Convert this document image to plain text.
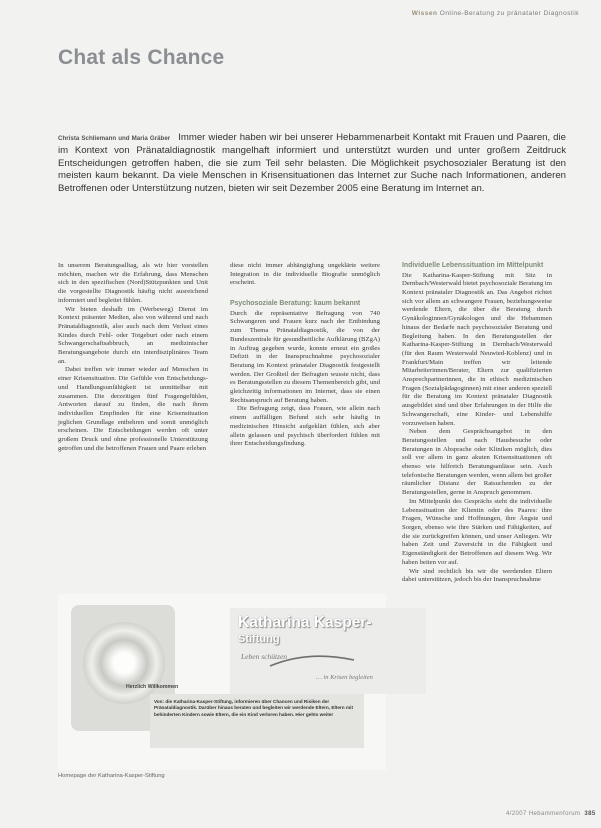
Wissen Online-Beratung zu pränataler Diagnostik
Chat als Chance

Christa Schliemann und Maria Gräber Immer wieder haben wir bei unserer Hebammenarbeit Kontakt mit Frauen und Paaren, die im Kontext von Pränataldiagnostik mangelhaft informiert und unterstützt wurden und unter großem Zeitdruck Entscheidungen getroffen haben, die sie zum Teil sehr belasten. Die Möglichkeit psychosozialer Beratung ist den meisten kaum bekannt. Da viele Menschen in Krisensituationen das Internet zur Suche nach Informationen, anderen Betroffenen oder Unterstützung nutzen, bieten wir seit Dezember 2005 eine Beratung im Internet an.

In unserem Beratungsalltag, als wir hier vorstellen möchten, machen wir die Erfahrung, dass Menschen sich in den spezifischen (Nord)Stützpunkten und Unit die vorgestellte Diagnostik häufig nicht ausreichend informiert und begleitet fühlen.

Wir bieten deshalb im (Werbeweg) Dienst im Kontext präsenter Medien, also von während und nach Pränataldiagnostik, also auch nach dem Verlust eines Kindes durch Fehl- oder Totgeburt oder nach einem Schwangerschaftsabbruch, an medizinischer Beratungsangebote durch ein interdisziplinäres Team an.

Dabei treffen wir immer wieder auf Menschen in einer Krisensituation. Die Gefühle von Entscheidungs- und Handlungsunfähigkeit ist unmittelbar mit zusammen. Die derzeitigen fünf Fragengefühlen, Antworten darauf zu finden, die nach ihrem individuellen Empfinden für eine Krisensituation jeglichen Grundlage entbehren und somit unmöglich erscheinen. Die Entscheidungen werden oft unter großem Druck und ohne professionelle Unterstützung getroffen und die betroffenen Frauen und Paare erleben

diese nicht immer abhängigfung ungeklärte weitere Integration in die individuelle Biografie unmöglich erscheint.

Psychosoziale Beratung: kaum bekannt

Durch die repräsentative Befragung von 740 Schwangeren und Frauen kurz nach der Entbindung zum Thema Pränataldiagnostik, die von der Bundeszentrale für gesundheitliche Aufklärung (BZgA) in Auftrag gegeben wurde, konnte erneut ein großes Defizit in der Inanspruchnahme psychosozialer Beratung im Kontext pränataler Diagnostik festgestellt werden. Der Großteil der Befragten wusste nicht, dass es Beratungsstellen zu diesem Themenbereich gibt, und gleichzeitig informationen im Internet, dass sie einen Rechtsanspruch auf Beratung haben.

Die Befragung zeigt, dass Frauen, wie allein nach einem auffälligen Befund sich sehr häufig in medizinischen Hinsicht aufgeklärt fühlen, sich aber allein gelassen und psychisch überfordert fühlen mit ihrer Entscheidungsfindung.

Individuelle Lebenssituation im Mittelpunkt

Die Katharina-Kasper-Stiftung mit Sitz in Dernbach/Westerwald bietet psychosoziale Beratung im Kontext pränataler Diagnostik an. Das Angebot richtet sich vor allem an schwangere Frauen, beziehungsweise werdende Eltern, die über die Beratung durch Gynäkologinnen/Gynäkologen und die Hebammen hinaus der Bedarfe nach psychosozialer Beratung und Begleitung haben. In den Beratungsstellen der Katharina-Kasper-Stiftung in Dernbach/Westerwald (für den Raum Westerwald Neuwied-Koblenz) und in Frankfurt/Main treffen wir leitende Mitarbeiterinnen/Berater, Eltern zur qualifizierten Ansprechpartnerinnen, die in ethisch medizinischen Fragen (Sozialpädagoginnen) mit einer anderen speziell für die Beratung im Kontext pränataler Diagnostik ausgebildet sind und über Erfahrungen in der Hilfe die Schwangerschaft, eine Kinder- und Lebenshilfe vorzuweisen haben.

Neben dem Gesprächsangebot in den Beratungsstellen und nach Hausbesuche oder Beratungen in Absprache oder Kliniken möglich, dies soll vor allem in ganz akuten Krisensituationen oft ebenso wie hilfreich Beratungsanlässe sein. Auch telefonische Beratungen werden, wenn allem bei großer räumlicher Distanz der Ratsuchenden zu der Beratungsstellen, gerne in Anspruch genommen.

Im Mittelpunkt des Gesprächs steht die individuelle Lebenssituation der Klientin oder des Paares: ihre Fragen, Wünsche und Hoffnungen, ihre Ängste und Sorgen, ebenso wie ihre Stärken und Fähigkeiten, auf die sie zurückgreifen können, und unser Anliegen. Wir haben Zeit und Zuversicht in die Fähigkeit und Eigenständigkeit der Betroffenen auf diesem Weg. Wir haben beiten vor auf.

Wir sind rechtlich bis wir die werdenden Eltern dabei unterstützen, jedoch bis der Inanspruchnahme

Katharina Kasper-
Stiftung
Leben schützen
… in Krisen begleiten

Herzlich Willkommen

Von: die Katharina-Kasper-Stiftung, informieren über Chancen und Risiken der Pränataldiagnostik. Darüber hinaus beraten und begleiten wir werdende Eltern, Eltern mit behinderten Kindern sowie Eltern, die ein Kind verloren haben. Hier gehts weiter

Homepage der Katharina-Kasper-Stiftung
4/2007 Hebammenforum 385
